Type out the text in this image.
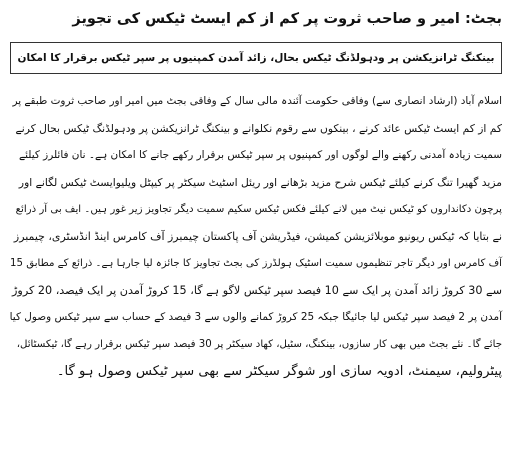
بجٹ: امیر و صاحب ثروت پر کم از کم ایسٹ ٹیکس کی تجویز
بینکنگ ٹرانزیکشن پر ودہولڈنگ ٹیکس بحال، زائد آمدن کمپنیوں پر سپر ٹیکس برقرار کا امکان
اسلام آباد (ارشاد انصاری سے) وفاقی حکومت آئندہ مالی سال کے وفاقی بجٹ میں امیر اور صاحب ثروت طبقے پر
کم از کم ایسٹ ٹیکس عائد کرنے ، بینکوں سے رقوم نکلوانے و بینکنگ ٹرانزیکشن پر ودہولڈنگ ٹیکس بحال کرنے
سمیت زیادہ آمدنی رکھنے والے لوگوں اور کمپنیوں پر سپر ٹیکس برقرار رکھے جانے کا امکان ہے۔ نان فائلرز کیلئے
مزید گھیرا تنگ کرنے کیلئے ٹیکس شرح مزید بڑھانے اور ریئل اسٹیٹ سیکٹر پر کیپٹل ویلیوایسٹ ٹیکس لگانے اور
پرچون دکانداروں کو ٹیکس نیٹ میں لانے کیلئے فکس ٹیکس سکیم سمیت دیگر تجاویز زیر غور ہیں۔ ایف بی آر ذرائع
نے بتایا کہ ٹیکس ریونیو موبلائزیشن کمیشن، فیڈریشن آف پاکستان چیمبرز آف کامرس اینڈ انڈسٹری، چیمبرز
آف کامرس اور دیگر تاجر تنظیموں سمیت اسٹیک ہولڈرز کی بجٹ تجاویز کا جائزہ لیا جارہا ہے۔ ذرائع کے مطابق 15
سے 30 کروڑ زائد آمدن پر ایک سے 10 فیصد سپر ٹیکس لاگو ہے گا، 15 کروڑ آمدن پر ایک فیصد، 20 کروڑ
آمدن پر 2 فیصد سپر ٹیکس لیا جائیگا جبکہ 25 کروڑ کمانے والوں سے 3 فیصد کے حساب سے سپر ٹیکس وصول کیا
جائے گا۔ نئے بجٹ میں بھی کار سازوں، بینکنگ، سٹیل، کھاد سیکٹر پر 30 فیصد سپر ٹیکس برقرار رہے گا، ٹیکسٹائل،
پیٹرولیم، سیمنٹ، ادویہ سازی اور شوگر سیکٹر سے بھی سپر ٹیکس وصول ہو گا۔
